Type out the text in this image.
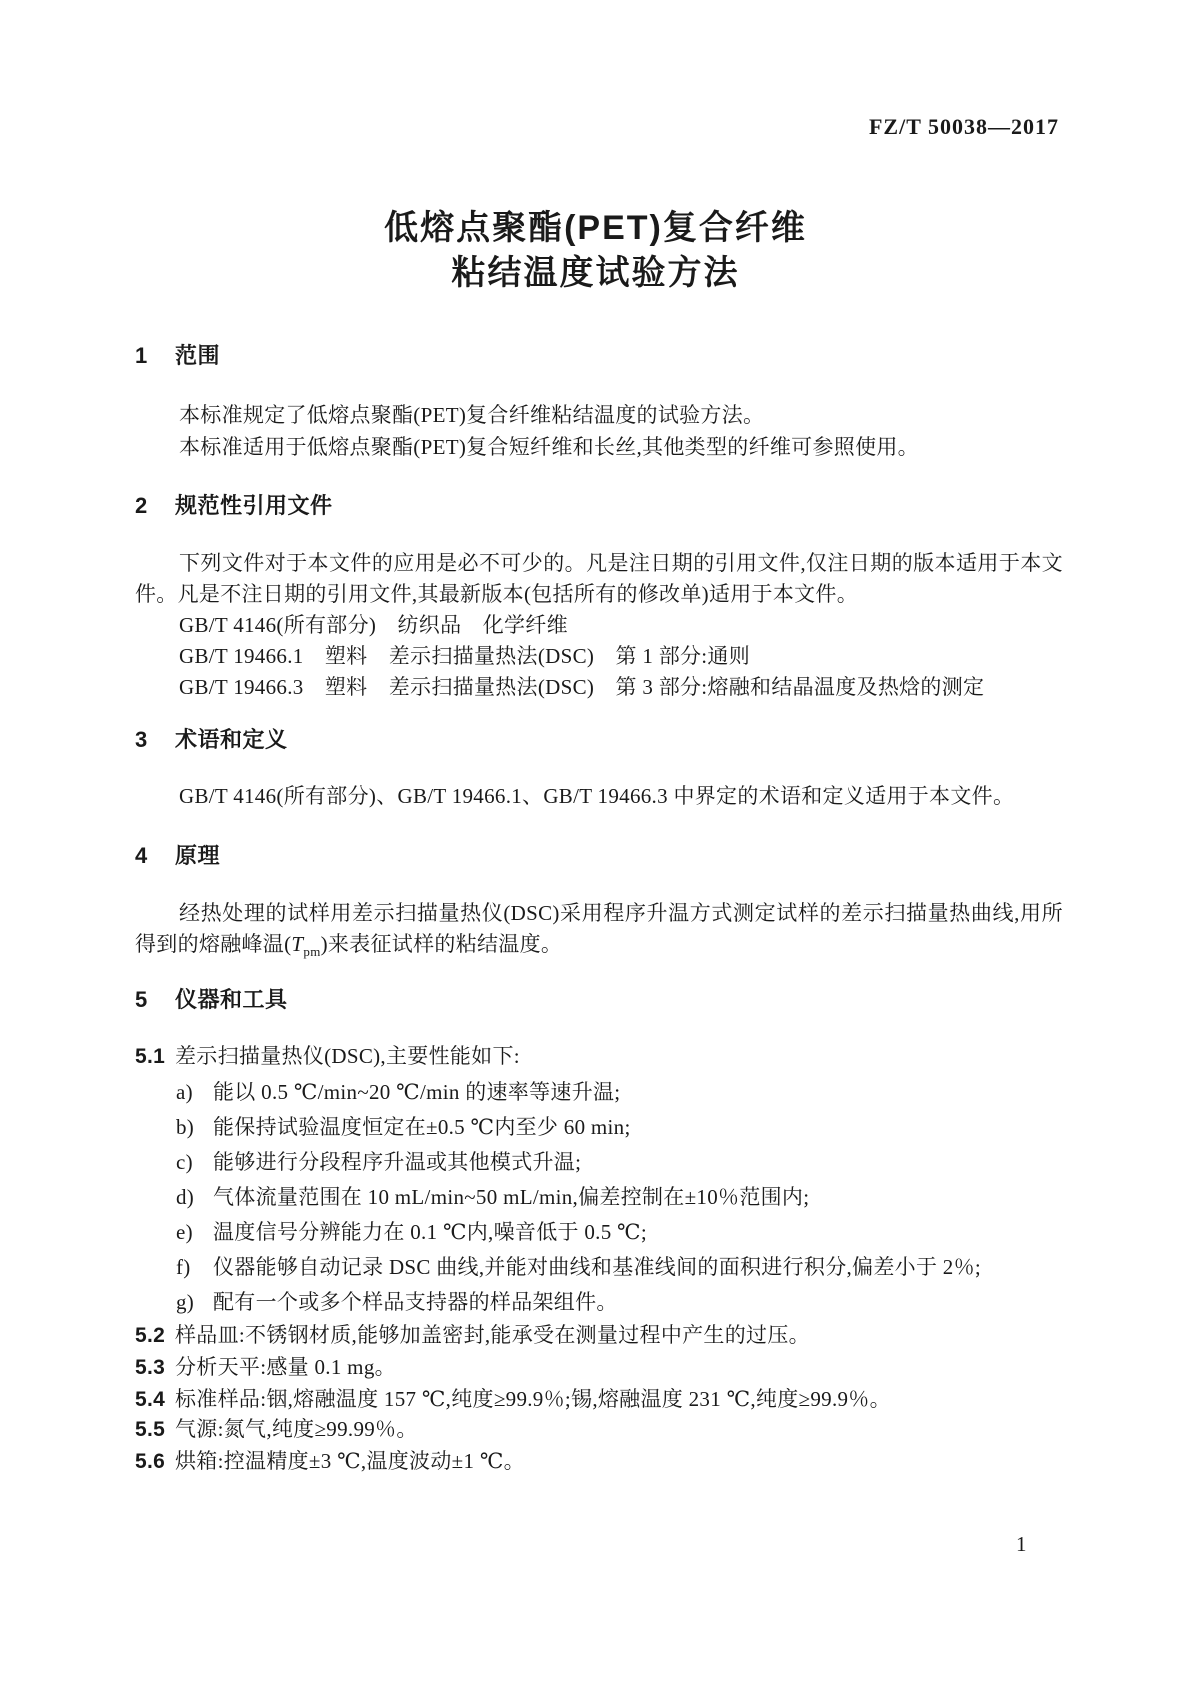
FZ/T 50038—2017
低熔点聚酯(PET)复合纤维
粘结温度试验方法
1 范围
本标准规定了低熔点聚酯(PET)复合纤维粘结温度的试验方法。
本标准适用于低熔点聚酯(PET)复合短纤维和长丝,其他类型的纤维可参照使用。
2 规范性引用文件
下列文件对于本文件的应用是必不可少的。凡是注日期的引用文件,仅注日期的版本适用于本文件。凡是不注日期的引用文件,其最新版本(包括所有的修改单)适用于本文件。
GB/T 4146(所有部分)　纺织品　化学纤维
GB/T 19466.1　塑料　差示扫描量热法(DSC)　第 1 部分:通则
GB/T 19466.3　塑料　差示扫描量热法(DSC)　第 3 部分:熔融和结晶温度及热焓的测定
3 术语和定义
GB/T 4146(所有部分)、GB/T 19466.1、GB/T 19466.3 中界定的术语和定义适用于本文件。
4 原理
经热处理的试样用差示扫描量热仪(DSC)采用程序升温方式测定试样的差示扫描量热曲线,用所得到的熔融峰温$(T_{pm})$来表征试样的粘结温度。
5 仪器和工具
5.1 差示扫描量热仪(DSC),主要性能如下:
a) 能以 0.5 ℃/min~20 ℃/min 的速率等速升温;
b) 能保持试验温度恒定在±0.5 ℃内至少 60 min;
c) 能够进行分段程序升温或其他模式升温;
d) 气体流量范围在 10 mL/min~50 mL/min,偏差控制在±10％范围内;
e) 温度信号分辨能力在 0.1 ℃内,噪音低于 0.5 ℃;
f) 仪器能够自动记录 DSC 曲线,并能对曲线和基准线间的面积进行积分,偏差小于 2％;
g) 配有一个或多个样品支持器的样品架组件。
5.2 样品皿:不锈钢材质,能够加盖密封,能承受在测量过程中产生的过压。
5.3 分析天平:感量 0.1 mg。
5.4 标准样品:铟,熔融温度 157 ℃,纯度≥99.9％;锡,熔融温度 231 ℃,纯度≥99.9％。
5.5 气源:氮气,纯度≥99.99％。
5.6 烘箱:控温精度±3 ℃,温度波动±1 ℃。
1
